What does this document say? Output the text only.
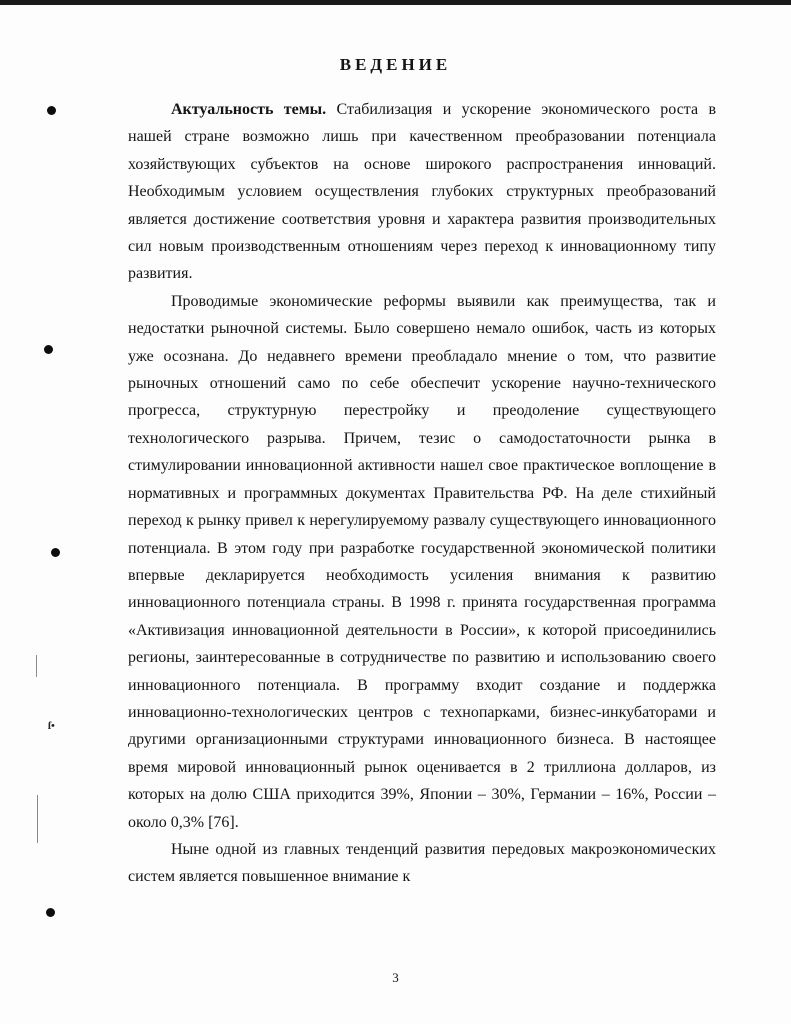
ſ•
ВЕДЕНИЕ

Актуальность темы. Стабилизация и ускорение экономического роста в нашей стране возможно лишь при качественном преобразовании потенциала хозяйствующих субъектов на основе широкого распространения инноваций. Необходимым условием осуществления глубоких структурных преобразований является достижение соответствия уровня и характера развития производительных сил новым производственным отношениям через переход к инновационному типу развития.

Проводимые экономические реформы выявили как преимущества, так и недостатки рыночной системы. Было совершено немало ошибок, часть из которых уже осознана. До недавнего времени преобладало мнение о том, что развитие рыночных отношений само по себе обеспечит ускорение научно-технического прогресса, структурную перестройку и преодоление существующего технологического разрыва. Причем, тезис о самодостаточности рынка в стимулировании инновационной активности нашел свое практическое воплощение в нормативных и программных документах Правительства РФ. На деле стихийный переход к рынку привел к нерегулируемому развалу существующего инновационного потенциала. В этом году при разработке государственной экономической политики впервые декларируется необходимость усиления внимания к развитию инновационного потенциала страны. В 1998 г. принята государственная программа «Активизация инновационной деятельности в России», к которой присоединились регионы, заинтересованные в сотрудничестве по развитию и использованию своего инновационного потенциала. В программу входит создание и поддержка инновационно-технологических центров с технопарками, бизнес-инкубаторами и другими организационными структурами инновационного бизнеса. В настоящее время мировой инновационный рынок оценивается в 2 триллиона долларов, из которых на долю США приходится 39%, Японии – 30%, Германии – 16%, России – около 0,3% [76].

Ныне одной из главных тенденций развития передовых макроэкономических систем является повышенное внимание к

3
